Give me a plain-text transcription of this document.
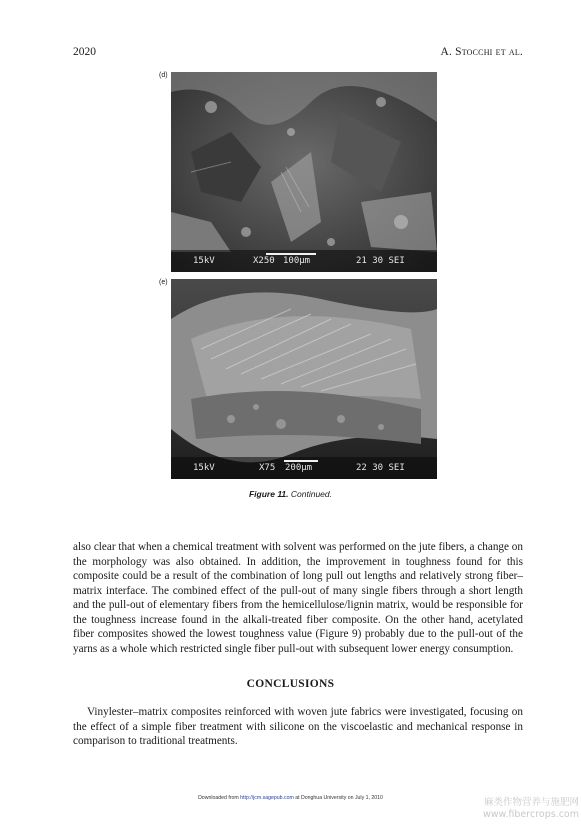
2020	A. Stocchi et al.
(d)
15kV	X250 100μm	21 30 SEI
(e)
15kV	X75 200μm	22 30 SEI
Figure 11. Continued.

also clear that when a chemical treatment with solvent was performed on the jute fibers, a change on the morphology was also obtained. In addition, the improvement in toughness found for this composite could be a result of the combination of long pull out lengths and relatively strong fiber–matrix interface. The combined effect of the pull-out of many single fibers through a short length and the pull-out of elementary fibers from the hemicellulose/lignin matrix, would be responsible for the toughness increase found in the alkali-treated fiber composite. On the other hand, acetylated fiber composites showed the lowest toughness value (Figure 9) probably due to the pull-out of the yarns as a whole which restricted single fiber pull-out with subsequent lower energy consumption.

CONCLUSIONS

Vinylester–matrix composites reinforced with woven jute fabrics were investigated, focusing on the effect of a simple fiber treatment with silicone on the viscoelastic and mechanical response in comparison to traditional treatments.

Downloaded from http://jcm.sagepub.com at Donghua University on July 1, 2010	麻类作物营养与施肥网
www.fibercrops.com
